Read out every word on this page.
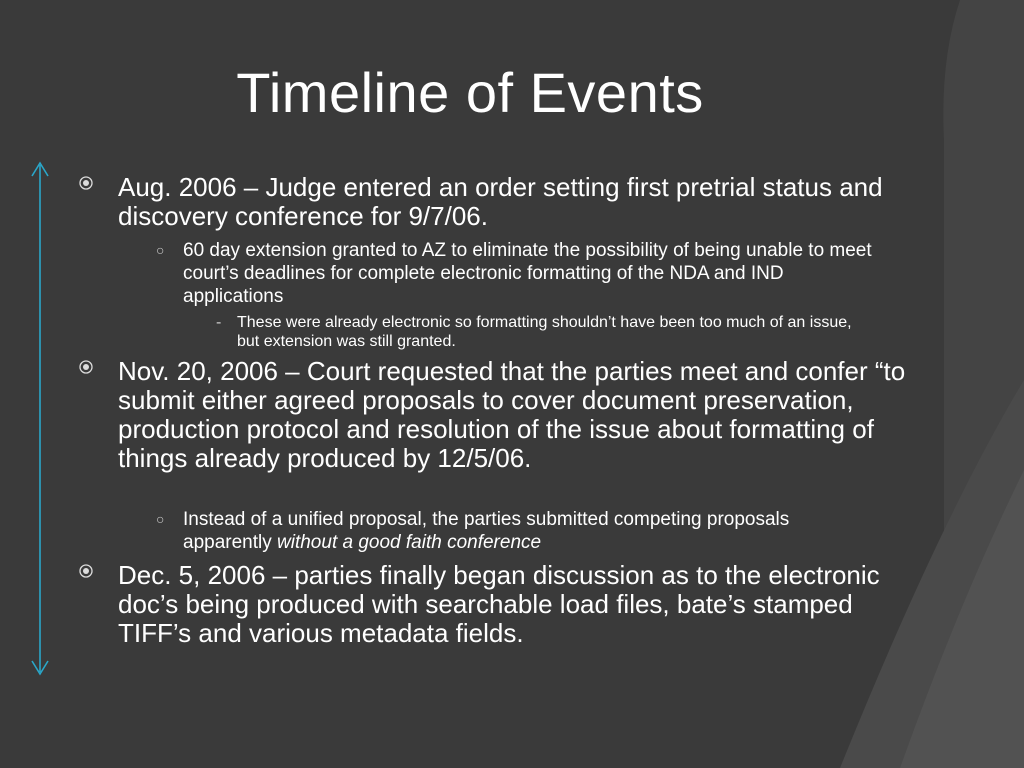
Timeline of Events
Aug. 2006 – Judge entered an order setting first pretrial status and discovery conference for 9/7/06.
○ 60 day extension granted to AZ to eliminate the possibility of being unable to meet court’s deadlines for complete electronic formatting of the NDA and IND applications
- These were already electronic so formatting shouldn’t have been too much of an issue, but extension was still granted.
Nov. 20, 2006 – Court requested that the parties meet and confer “to submit either agreed proposals to cover document preservation, production protocol and resolution of the issue about formatting of things already produced by 12/5/06.
○ Instead of a unified proposal, the parties submitted competing proposals apparently without a good faith conference
Dec. 5, 2006 – parties finally began discussion as to the electronic doc’s being produced with searchable load files, bate’s stamped TIFF’s and various metadata fields.
